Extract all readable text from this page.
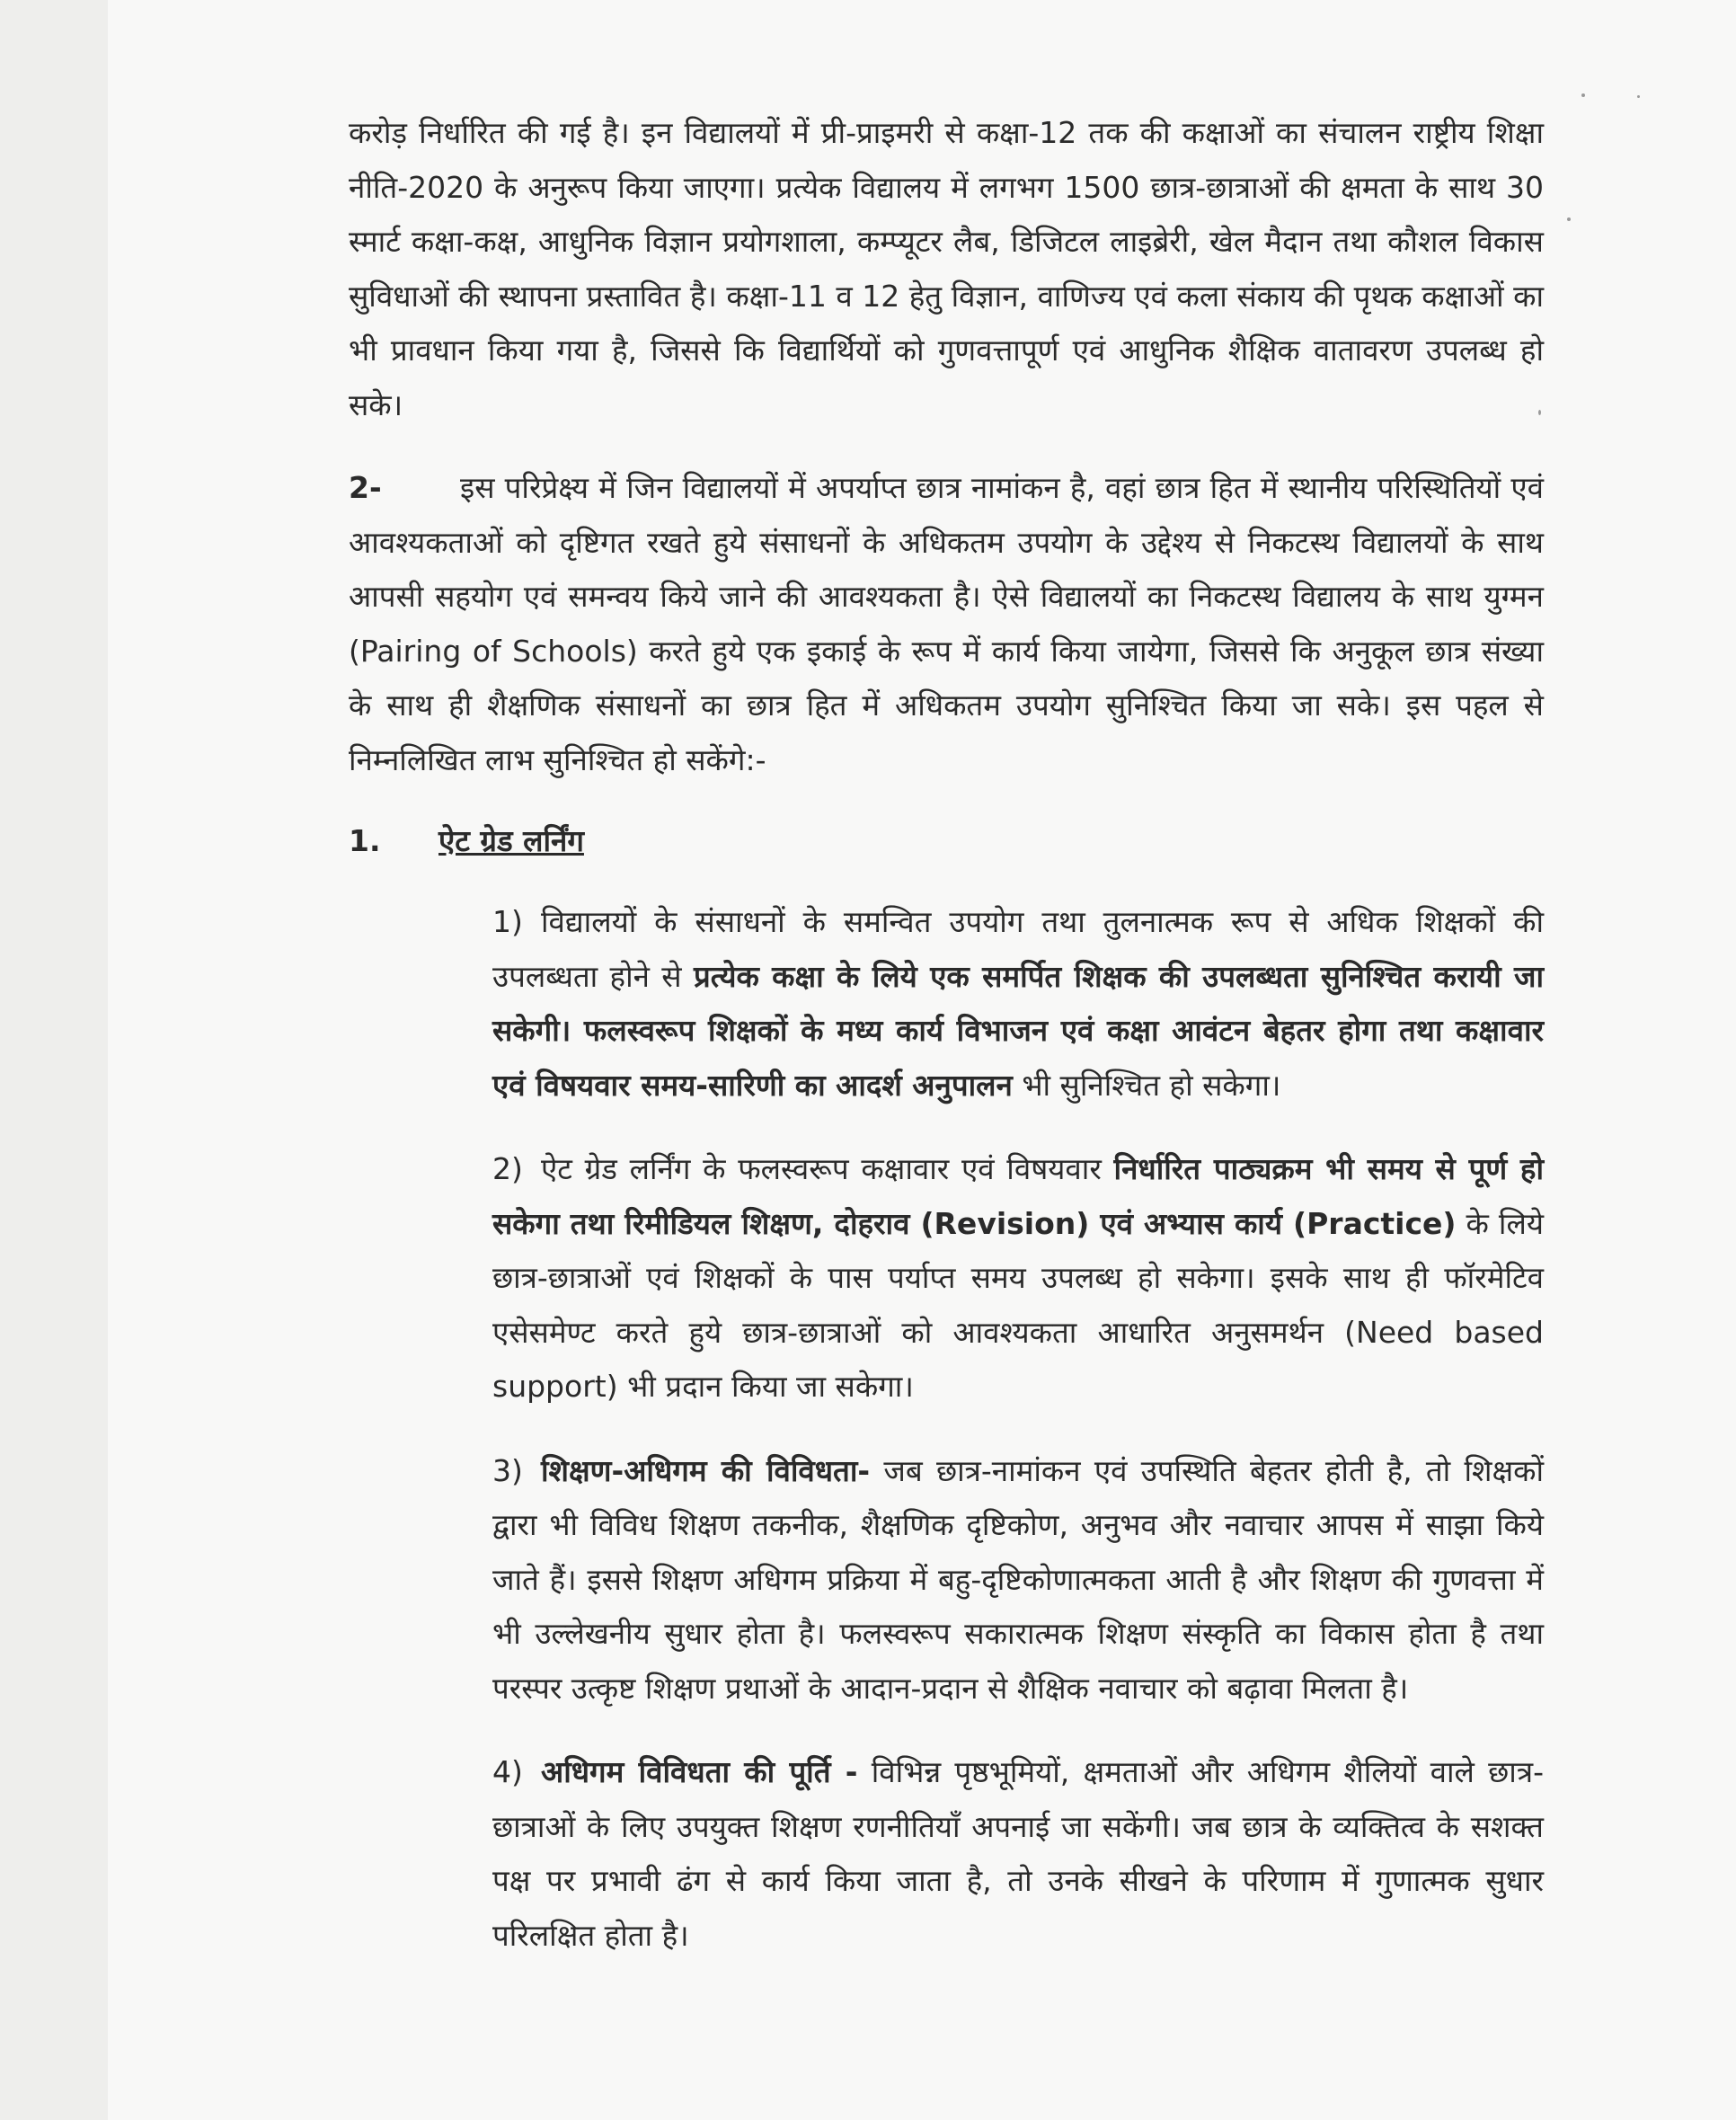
करोड़ निर्धारित की गई है। इन विद्यालयों में प्री-प्राइमरी से कक्षा-12 तक की कक्षाओं का संचालन राष्ट्रीय शिक्षा नीति-2020 के अनुरूप किया जाएगा। प्रत्येक विद्यालय में लगभग 1500 छात्र-छात्राओं की क्षमता के साथ 30 स्मार्ट कक्षा-कक्ष, आधुनिक विज्ञान प्रयोगशाला, कम्प्यूटर लैब, डिजिटल लाइब्रेरी, खेल मैदान तथा कौशल विकास सुविधाओं की स्थापना प्रस्तावित है। कक्षा-11 व 12 हेतु विज्ञान, वाणिज्य एवं कला संकाय की पृथक कक्षाओं का भी प्रावधान किया गया है, जिससे कि विद्यार्थियों को गुणवत्तापूर्ण एवं आधुनिक शैक्षिक वातावरण उपलब्ध हो सके।

2-	इस परिप्रेक्ष्य में जिन विद्यालयों में अपर्याप्त छात्र नामांकन है, वहां छात्र हित में स्थानीय परिस्थितियों एवं आवश्यकताओं को दृष्टिगत रखते हुये संसाधनों के अधिकतम उपयोग के उद्देश्य से निकटस्थ विद्यालयों के साथ आपसी सहयोग एवं समन्वय किये जाने की आवश्यकता है। ऐसे विद्यालयों का निकटस्थ विद्यालय के साथ युग्मन (Pairing of Schools) करते हुये एक इकाई के रूप में कार्य किया जायेगा, जिससे कि अनुकूल छात्र संख्या के साथ ही शैक्षणिक संसाधनों का छात्र हित में अधिकतम उपयोग सुनिश्चित किया जा सके। इस पहल से निम्नलिखित लाभ सुनिश्चित हो सकेंगे:-

1. ऐट ग्रेड लर्निंग

1) विद्यालयों के संसाधनों के समन्वित उपयोग तथा तुलनात्मक रूप से अधिक शिक्षकों की उपलब्धता होने से प्रत्येक कक्षा के लिये एक समर्पित शिक्षक की उपलब्धता सुनिश्चित करायी जा सकेगी। फलस्वरूप शिक्षकों के मध्य कार्य विभाजन एवं कक्षा आवंटन बेहतर होगा तथा कक्षावार एवं विषयवार समय-सारिणी का आदर्श अनुपालन भी सुनिश्चित हो सकेगा।

2) ऐट ग्रेड लर्निंग के फलस्वरूप कक्षावार एवं विषयवार निर्धारित पाठ्यक्रम भी समय से पूर्ण हो सकेगा तथा रिमीडियल शिक्षण, दोहराव (Revision) एवं अभ्यास कार्य (Practice) के लिये छात्र-छात्राओं एवं शिक्षकों के पास पर्याप्त समय उपलब्ध हो सकेगा। इसके साथ ही फॉरमेटिव एसेसमेण्ट करते हुये छात्र-छात्राओं को आवश्यकता आधारित अनुसमर्थन (Need based support) भी प्रदान किया जा सकेगा।

3) शिक्षण-अधिगम की विविधता- जब छात्र-नामांकन एवं उपस्थिति बेहतर होती है, तो शिक्षकों द्वारा भी विविध शिक्षण तकनीक, शैक्षणिक दृष्टिकोण, अनुभव और नवाचार आपस में साझा किये जाते हैं। इससे शिक्षण अधिगम प्रक्रिया में बहु-दृष्टिकोणात्मकता आती है और शिक्षण की गुणवत्ता में भी उल्लेखनीय सुधार होता है। फलस्वरूप सकारात्मक शिक्षण संस्कृति का विकास होता है तथा परस्पर उत्कृष्ट शिक्षण प्रथाओं के आदान-प्रदान से शैक्षिक नवाचार को बढ़ावा मिलता है।

4) अधिगम विविधता की पूर्ति - विभिन्न पृष्ठभूमियों, क्षमताओं और अधिगम शैलियों वाले छात्र-छात्राओं के लिए उपयुक्त शिक्षण रणनीतियाँ अपनाई जा सकेंगी। जब छात्र के व्यक्तित्व के सशक्त पक्ष पर प्रभावी ढंग से कार्य किया जाता है, तो उनके सीखने के परिणाम में गुणात्मक सुधार परिलक्षित होता है।
